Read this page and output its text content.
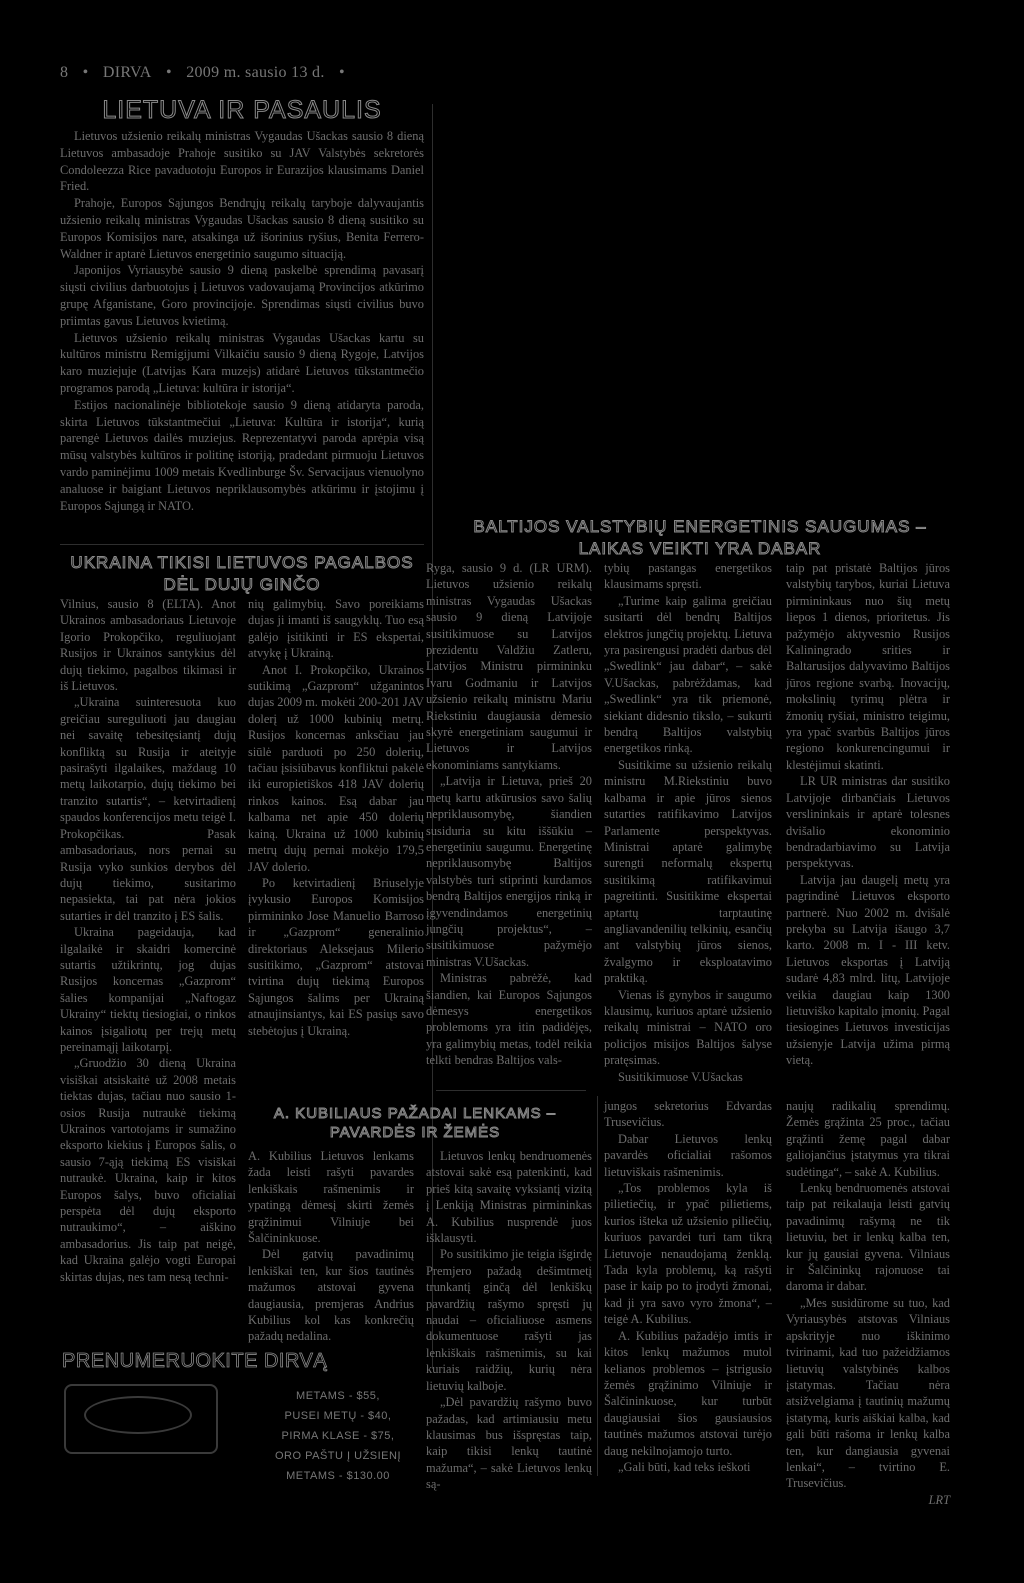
8 • DIRVA • 2009 m. sausio 13 d. •
LIETUVA IR PASAULIS

Lietuvos užsienio reikalų ministras Vygaudas Ušackas sausio 8 dieną Lietuvos ambasadoje Prahoje susitiko su JAV Valstybės sekretorės Condoleezza Rice pavaduotoju Europos ir Eurazijos klausimams Daniel Fried.

Prahoje, Europos Sąjungos Bendrųjų reikalų taryboje dalyvaujantis užsienio reikalų ministras Vygaudas Ušackas sausio 8 dieną susitiko su Europos Komisijos nare, atsakinga už išorinius ryšius, Benita Ferrero-Waldner ir aptarė Lietuvos energetinio saugumo situaciją.

Japonijos Vyriausybė sausio 9 dieną paskelbė sprendimą pavasarį siųsti civilius darbuotojus į Lietuvos vadovaujamą Provincijos atkūrimo grupę Afganistane, Goro provincijoje. Sprendimas siųsti civilius buvo priimtas gavus Lietuvos kvietimą.

Lietuvos užsienio reikalų ministras Vygaudas Ušackas kartu su kultūros ministru Remigijumi Vilkaičiu sausio 9 dieną Rygoje, Latvijos karo muziejuje (Latvijas Kara muzejs) atidarė Lietuvos tūkstantmečio programos parodą „Lietuva: kultūra ir istorija“.

Estijos nacionalinėje bibliotekoje sausio 9 dieną atidaryta paroda, skirta Lietuvos tūkstantmečiui „Lietuva: Kultūra ir istorija“, kurią parengė Lietuvos dailės muziejus. Reprezentatyvi paroda aprėpia visą mūsų valstybės kultūros ir politinę istoriją, pradedant pirmuoju Lietuvos vardo paminėjimu 1009 metais Kvedlinburge Šv. Servacijaus vienuolyno analuose ir baigiant Lietuvos nepriklausomybės atkūrimu ir įstojimu į Europos Sąjungą ir NATO.

UKRAINA TIKISI LIETUVOS PAGALBOS DĖL DUJŲ GINČO

Vilnius, sausio 8 (ELTA). Anot Ukrainos ambasadoriaus Lietuvoje Igorio Prokopčiko, reguliuojant Rusijos ir Ukrainos santykius dėl dujų tiekimo, pagalbos tikimasi ir iš Lietuvos.

„Ukraina suinteresuota kuo greičiau sureguliuoti jau daugiau nei savaitę tebesitęsiantį dujų konfliktą su Rusija ir ateityje pasirašyti ilgalaikes, maždaug 10 metų laikotarpio, dujų tiekimo bei tranzito sutartis“, – ketvirtadienį spaudos konferencijos metu teigė I. Prokopčikas. Pasak ambasadoriaus, nors pernai su Rusija vyko sunkios derybos dėl dujų tiekimo, susitarimo nepasiekta, tai pat nėra jokios sutarties ir dėl tranzito į ES šalis.

Ukraina pageidauja, kad ilgalaikė ir skaidri komercinė sutartis užtikrintų, jog dujas Rusijos koncernas „Gazprom“ šalies kompanijai „Naftogaz Ukrainy“ tiektų tiesiogiai, o rinkos kainos įsigaliotų per trejų metų pereinamąjį laikotarpį.

„Gruodžio 30 dieną Ukraina visiškai atsiskaitė už 2008 metais tiektas dujas, tačiau nuo sausio 1-osios Rusija nutraukė tiekimą Ukrainos vartotojams ir sumažino eksporto kiekius į Europos šalis, o sausio 7-ąją tiekimą ES visiškai nutraukė. Ukraina, kaip ir kitos Europos šalys, buvo oficialiai perspėta dėl dujų eksporto nutraukimo“, – aiškino ambasadorius. Jis taip pat neigė, kad Ukraina galėjo vogti Europai skirtas dujas, nes tam nesą techni-

nių galimybių. Savo poreikiams dujas ji imanti iš saugyklų. Tuo esą galėjo įsitikinti ir ES ekspertai, atvykę į Ukrainą.

Anot I. Prokopčiko, Ukrainos sutikimą „Gazprom“ užganintos dujas 2009 m. mokėti 200-201 JAV dolerį už 1000 kubinių metrų. Rusijos koncernas anksčiau jau siūlė parduoti po 250 dolerių, tačiau įsisiūbavus konfliktui pakėlė iki europietiškos 418 JAV dolerių rinkos kainos. Esą dabar jau kalbama net apie 450 dolerių kainą. Ukraina už 1000 kubinių metrų dujų pernai mokėjo 179,5 JAV dolerio.

Po ketvirtadienį Briuselyje įvykusio Europos Komisijos pirmininko Jose Manuelio Barroso ir „Gazprom“ generalinio direktoriaus Aleksejaus Milerio susitikimo, „Gazprom“ atstovai tvirtina dujų tiekimą Europos Sąjungos šalims per Ukrainą atnaujinsiantys, kai ES pasiųs savo stebėtojus į Ukrainą.

PRENUMERUOKITE DIRVĄ
METAMS - $55,
PUSEI METŲ - $40,
PIRMA KLASE - $75,
ORO PAŠTU Į UŽSIENĮ
METAMS - $130.00
BALTIJOS VALSTYBIŲ ENERGETINIS SAUGUMAS – LAIKAS VEIKTI YRA DABAR

Ryga, sausio 9 d. (LR URM). Lietuvos užsienio reikalų ministras Vygaudas Ušackas sausio 9 dieną Latvijoje susitikimuose su Latvijos prezidentu Valdžiu Zatleru, Latvijos Ministru pirmininku Ivaru Godmaniu ir Latvijos užsienio reikalų ministru Mariu Riekstiniu daugiausia dėmesio skyrė energetiniam saugumui ir Lietuvos ir Latvijos ekonominiams santykiams.

„Latvija ir Lietuva, prieš 20 metų kartu atkūrusios savo šalių nepriklausomybę, šiandien susiduria su kitu iššūkiu – energetiniu saugumu. Energetinę nepriklausomybę Baltijos valstybės turi stiprinti kurdamos bendrą Baltijos energijos rinką ir įgyvendindamos energetinių jungčių projektus“, – susitikimuose pažymėjo ministras V.Ušackas.

Ministras pabrėžė, kad šiandien, kai Europos Sąjungos dėmesys energetikos problemoms yra itin padidėjęs, yra galimybių metas, todėl reikia telkti bendras Baltijos vals-

tybių pastangas energetikos klausimams spręsti.

„Turime kaip galima greičiau susitarti dėl bendrų Baltijos elektros jungčių projektų. Lietuva yra pasirengusi pradėti darbus dėl „Swedlink“ jau dabar“, – sakė V.Ušackas, pabrėždamas, kad „Swedlink“ yra tik priemonė, siekiant didesnio tikslo, – sukurti bendrą Baltijos valstybių energetikos rinką.

Susitikime su užsienio reikalų ministru M.Riekstiniu buvo kalbama ir apie jūros sienos sutarties ratifikavimo Latvijos Parlamente perspektyvas. Ministrai aptarė galimybę surengti neformalų ekspertų susitikimą ratifikavimui pagreitinti. Susitikime ekspertai aptartų tarptautinę angliavandenilių telkinių, esančių ant valstybių jūros sienos, žvalgymo ir eksploatavimo praktiką.

Vienas iš gynybos ir saugumo klausimų, kuriuos aptarė užsienio reikalų ministrai – NATO oro policijos misijos Baltijos šalyse pratęsimas.

Susitikimuose V.Ušackas

taip pat pristatė Baltijos jūros valstybių tarybos, kuriai Lietuva pirmininkaus nuo šių metų liepos 1 dienos, prioritetus. Jis pažymėjo aktyvesnio Rusijos Kaliningrado srities ir Baltarusijos dalyvavimo Baltijos jūros regione svarbą. Inovacijų, mokslinių tyrimų plėtra ir žmonių ryšiai, ministro teigimu, yra ypač svarbūs Baltijos jūros regiono konkurencingumui ir klestėjimui skatinti.

LR UR ministras dar susitiko Latvijoje dirbančiais Lietuvos verslininkais ir aptarė tolesnes dvišalio ekonominio bendradarbiavimo su Latvija perspektyvas.

Latvija jau daugelį metų yra pagrindinė Lietuvos eksporto partnerė. Nuo 2002 m. dvišalė prekyba su Latvija išaugo 3,7 karto. 2008 m. I - III ketv. Lietuvos eksportas į Latviją sudarė 4,83 mlrd. litų, Latvijoje veikia daugiau kaip 1300 lietuviško kapitalo įmonių. Pagal tiesiogines Lietuvos investicijas užsienyje Latvija užima pirmą vietą.

A. KUBILIAUS PAŽADAI LENKAMS – PAVARDĖS IR ŽEMĖS

A. Kubilius Lietuvos lenkams žada leisti rašyti pavardes lenkiškais rašmenimis ir ypatingą dėmesį skirti žemės grąžinimui Vilniuje bei Šalčininkuose.

Dėl gatvių pavadinimų lenkiškai ten, kur šios tautinės mažumos atstovai gyvena daugiausia, premjeras Andrius Kubilius kol kas konkrečių pažadų nedalina.

Lietuvos lenkų bendruomenės atstovai sakė esą patenkinti, kad prieš kitą savaitę vyksiantį vizitą į Lenkiją Ministras pirmininkas A. Kubilius nusprendė juos išklausyti.

Po susitikimo jie teigia išgirdę Premjero pažadą dešimtmetį trunkantį ginčą dėl lenkiškų pavardžių rašymo spręsti jų naudai – oficialiuose asmens dokumentuose rašyti jas lenkiškais rašmenimis, su kai kuriais raidžių, kurių nėra lietuvių kalboje.

„Dėl pavardžių rašymo buvo pažadas, kad artimiausiu metu klausimas bus išspręstas taip, kaip tikisi lenkų tautinė mažuma“, – sakė Lietuvos lenkų są-

jungos sekretorius Edvardas Trusevičius.

Dabar Lietuvos lenkų pavardės oficialiai rašomos lietuviškais rašmenimis.

„Tos problemos kyla iš pilietiečių, ir ypač pilietiems, kurios išteka už užsienio piliečių, kuriuos pavardei turi tam tikrą Lietuvoje nenaudojamą ženklą. Tada kyla problemų, ką rašyti pase ir kaip po to įrodyti žmonai, kad ji yra savo vyro žmona“, – teigė A. Kubilius.

A. Kubilius pažadėjo imtis ir kitos lenkų mažumos mutol kelianos problemos – įstrigusio žemės grąžinimo Vilniuje ir Šalčininkuose, kur turbūt daugiausiai šios gausiausios tautinės mažumos atstovai turėjo daug nekilnojamojo turto.

„Gali būti, kad teks ieškoti

naujų radikalių sprendimų. Žemės grąžinta 25 proc., tačiau grąžinti žemę pagal dabar galiojančius įstatymus yra tikrai sudėtinga“, – sakė A. Kubilius.

Lenkų bendruomenės atstovai taip pat reikalauja leisti gatvių pavadinimų rašymą ne tik lietuviu, bet ir lenkų kalba ten, kur jų gausiai gyvena. Vilniaus ir Šalčininkų rajonuose tai daroma ir dabar.

„Mes susidūrome su tuo, kad Vyriausybės atstovas Vilniaus apskrityje nuo iškinimo tvirinami, kad tuo pažeidžiamos lietuvių valstybinės kalbos įstatymas. Tačiau nėra atsižvelgiama į tautinių mažumų įstatymą, kuris aiškiai kalba, kad gali būti rašoma ir lenkų kalba ten, kur dangiausia gyvenai lenkai“, – tvirtino E. Trusevičius.

LRT
